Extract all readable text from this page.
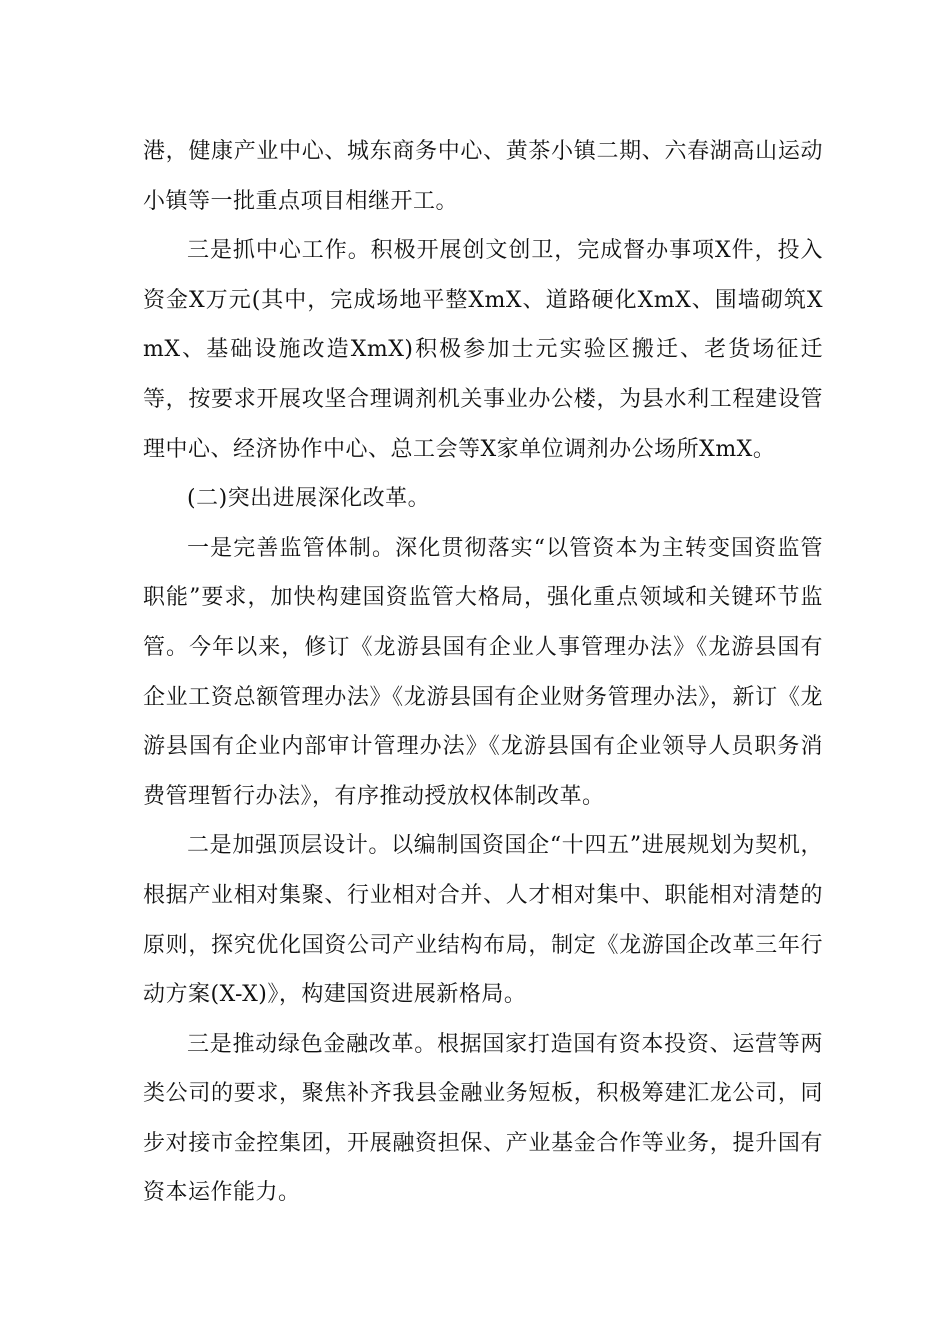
港，健康产业中心、城东商务中心、黄茶小镇二期、六春湖高山运动小镇等一批重点项目相继开工。

三是抓中心工作。积极开展创文创卫，完成督办事项X件，投入资金X万元(其中，完成场地平整XmX、道路硬化XmX、围墙砌筑XmX、基础设施改造XmX)积极参加士元实验区搬迁、老货场征迁等，按要求开展攻坚合理调剂机关事业办公楼，为县水利工程建设管理中心、经济协作中心、总工会等X家单位调剂办公场所XmX。

(二)突出进展深化改革。

一是完善监管体制。深化贯彻落实“以管资本为主转变国资监管职能”要求，加快构建国资监管大格局，强化重点领域和关键环节监管。今年以来，修订《龙游县国有企业人事管理办法》《龙游县国有企业工资总额管理办法》《龙游县国有企业财务管理办法》，新订《龙游县国有企业内部审计管理办法》《龙游县国有企业领导人员职务消费管理暂行办法》，有序推动授放权体制改革。

二是加强顶层设计。以编制国资国企“十四五”进展规划为契机，根据产业相对集聚、行业相对合并、人才相对集中、职能相对清楚的原则，探究优化国资公司产业结构布局，制定《龙游国企改革三年行动方案(X-X)》，构建国资进展新格局。

三是推动绿色金融改革。根据国家打造国有资本投资、运营等两类公司的要求，聚焦补齐我县金融业务短板，积极筹建汇龙公司，同步对接市金控集团，开展融资担保、产业基金合作等业务，提升国有资本运作能力。
